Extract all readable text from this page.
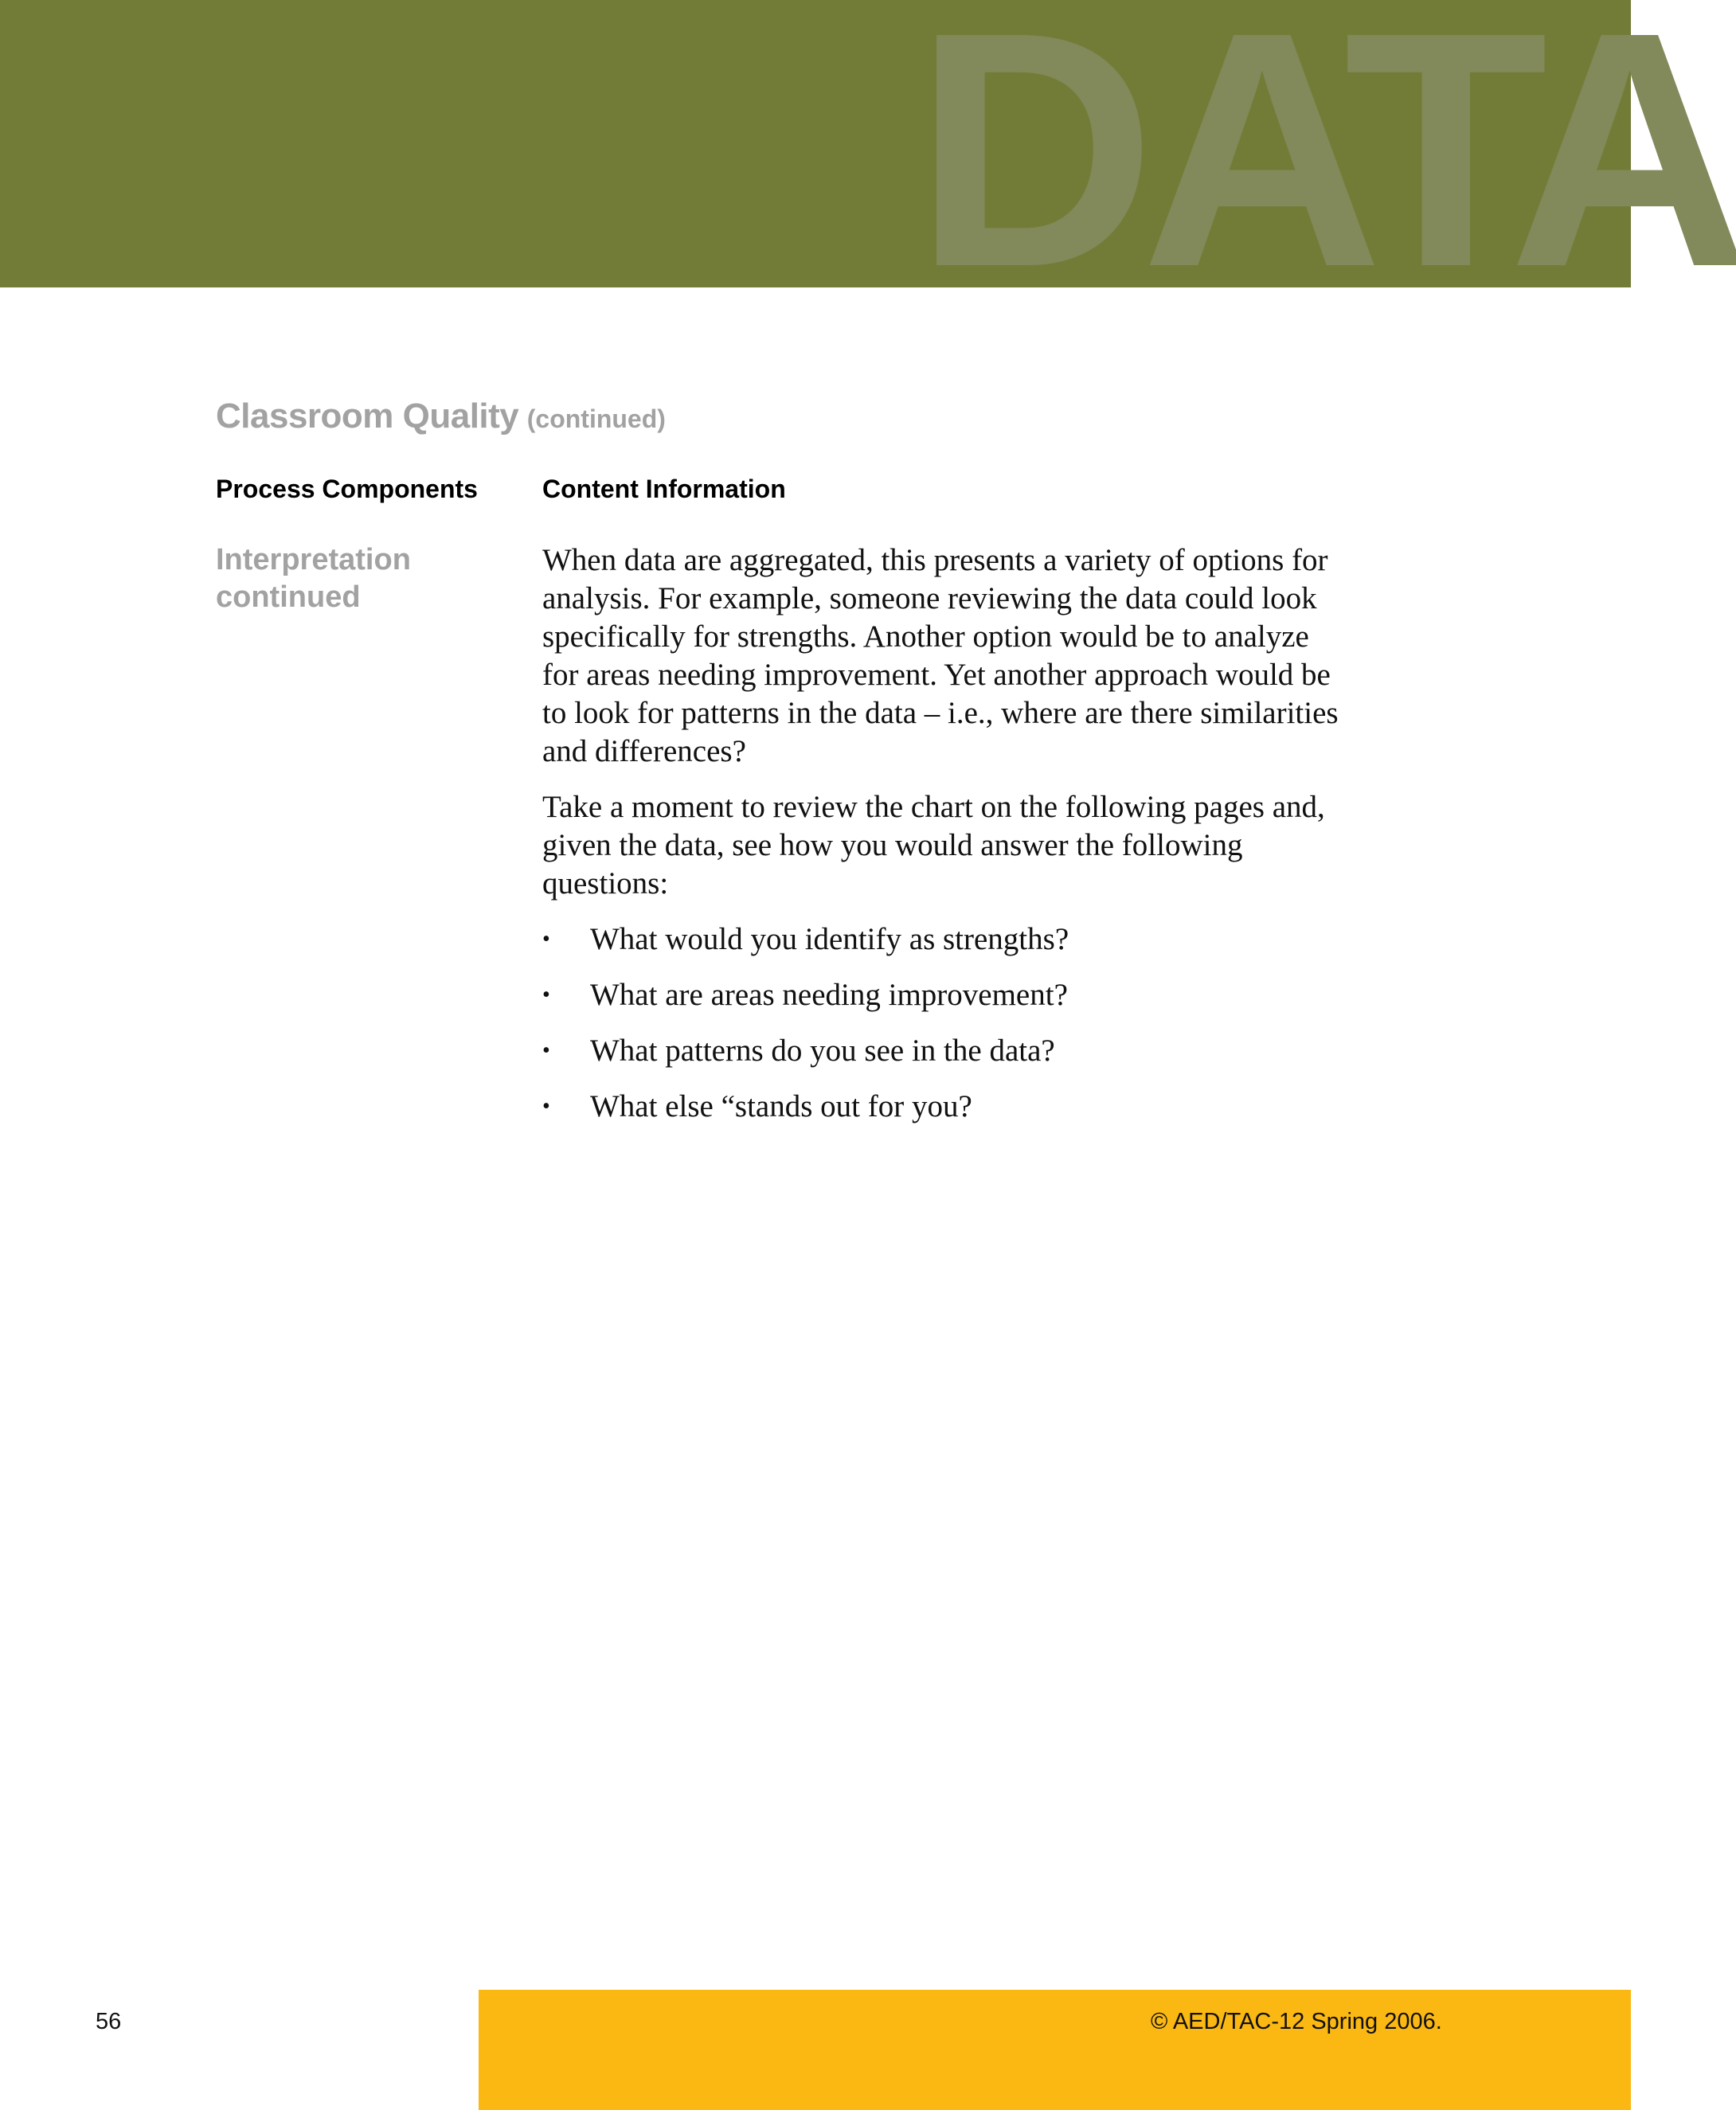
DATA
Classroom Quality (continued)
Process Components	Content Information
Interpretation
continued

When data are aggregated, this presents a variety of options for analysis. For example, someone reviewing the data could look specifically for strengths. Another option would be to analyze for areas needing improvement. Yet another approach would be to look for patterns in the data – i.e., where are there similarities and differences?

Take a moment to review the chart on the following pages and, given the data, see how you would answer the following questions:

• What would you identify as strengths?
• What are areas needing improvement?
• What patterns do you see in the data?
• What else “stands out for you?
56	© AED/TAC-12 Spring 2006.
